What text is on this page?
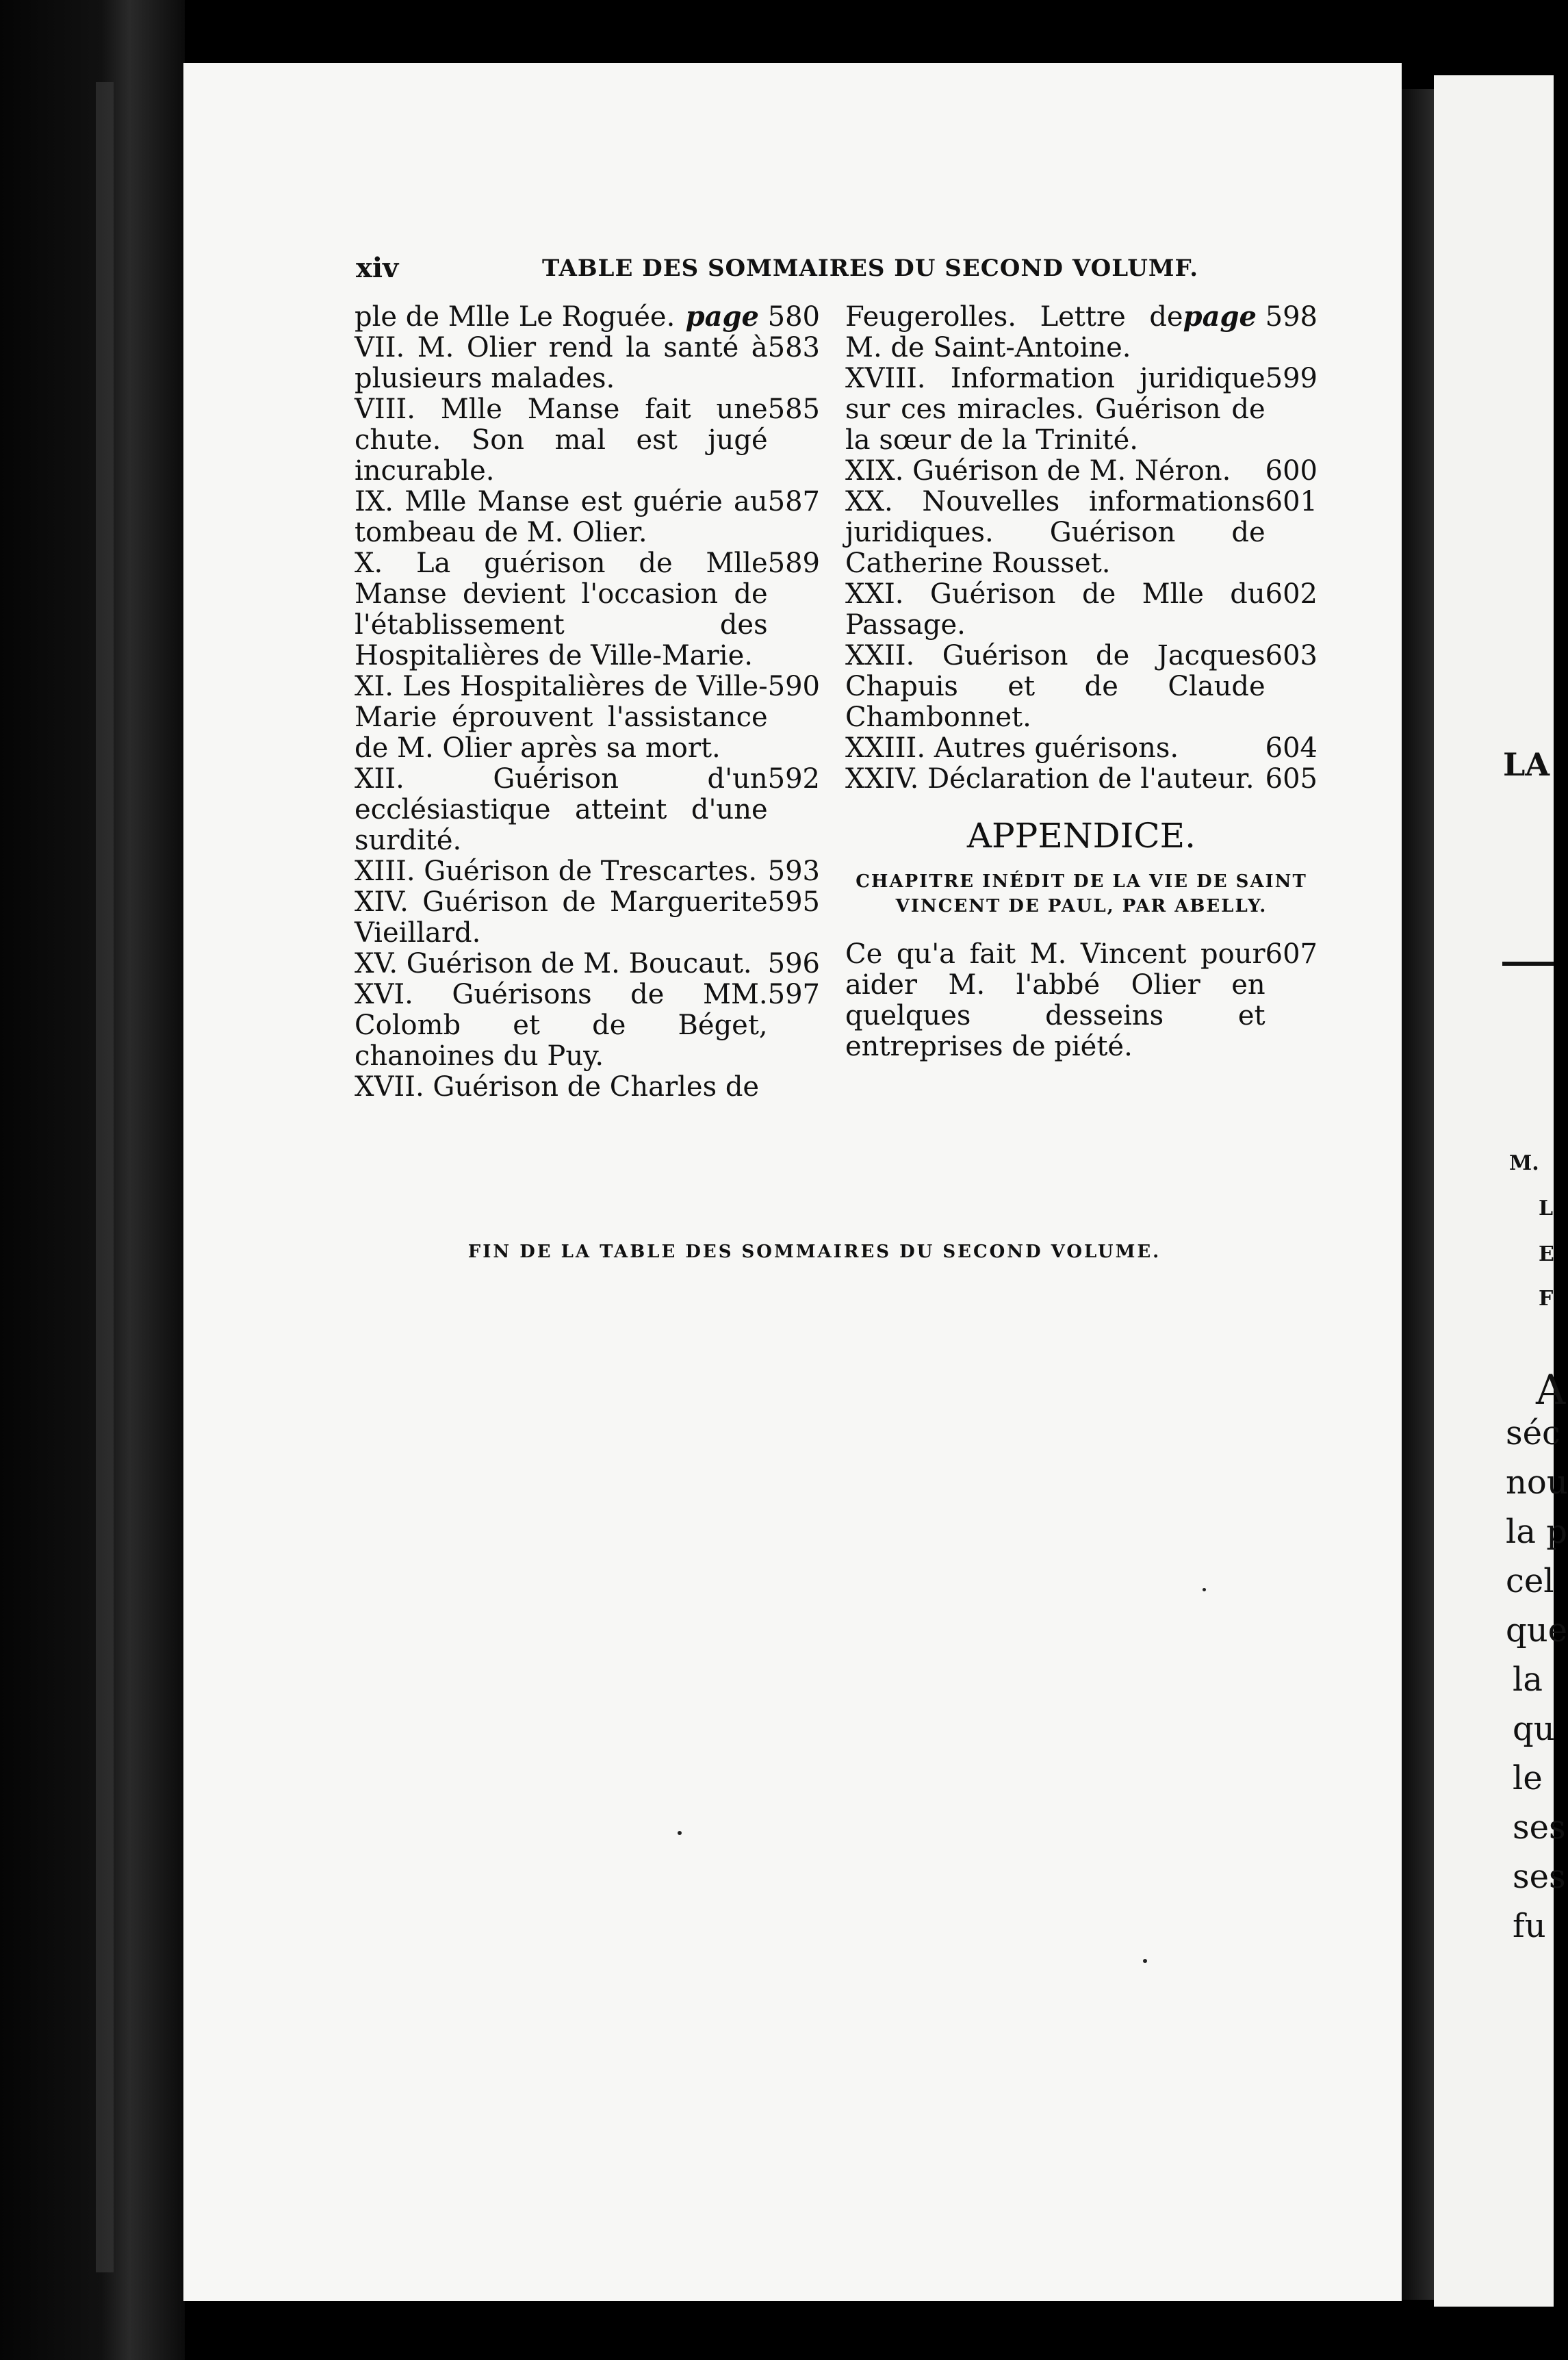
xiv	TABLE DES SOMMAIRES DU SECOND VOLUMF.
ple de Mlle Le Roguée. page 580
VII. M. Olier rend la santé à plusieurs malades.
583
VIII. Mlle Manse fait une chute. Son mal est jugé incurable.
585
IX. Mlle Manse est guérie au tombeau de M. Olier.
587
X. La guérison de Mlle Manse devient l'occasion de l'établissement des Hospitalières de Ville-Marie.
589
XI. Les Hospitalières de Ville-Marie éprouvent l'assistance de M. Olier après sa mort.
590
XII. Guérison d'un ecclésiastique atteint d'une surdité.
592
XIII. Guérison de Trescartes. 593
XIV. Guérison de Marguerite Vieillard.
595
XV. Guérison de M. Boucaut. 596
XVI. Guérisons de MM. Colomb et de Béget, chanoines du Puy.
597
XVII. Guérison de Charles de
Feugerolles. Lettre de M. de Saint-Antoine.
page 598
XVIII. Information juridique sur ces miracles. Guérison de la sœur de la Trinité.
599
XIX. Guérison de M. Néron. 600
XX. Nouvelles informations juridiques. Guérison de Catherine Rousset.
601
XXI. Guérison de Mlle du Passage.
602
XXII. Guérison de Jacques Chapuis et de Claude Chambonnet.
603
XXIII. Autres guérisons.	604
XXIV. Déclaration de l'auteur. 605
APPENDICE.
CHAPITRE INÉDIT DE LA VIE DE SAINT
VINCENT DE PAUL, PAR ABELLY.
Ce qu'a fait M. Vincent pour aider M. l'abbé Olier en quelques desseins et entreprises de piété.
607
FIN DE LA TABLE DES SOMMAIRES DU SECOND VOLUME.
LA
M.
L
E
F
A
séc
nou
la p
cel
que
la
qu
le
ses
ses
fu
